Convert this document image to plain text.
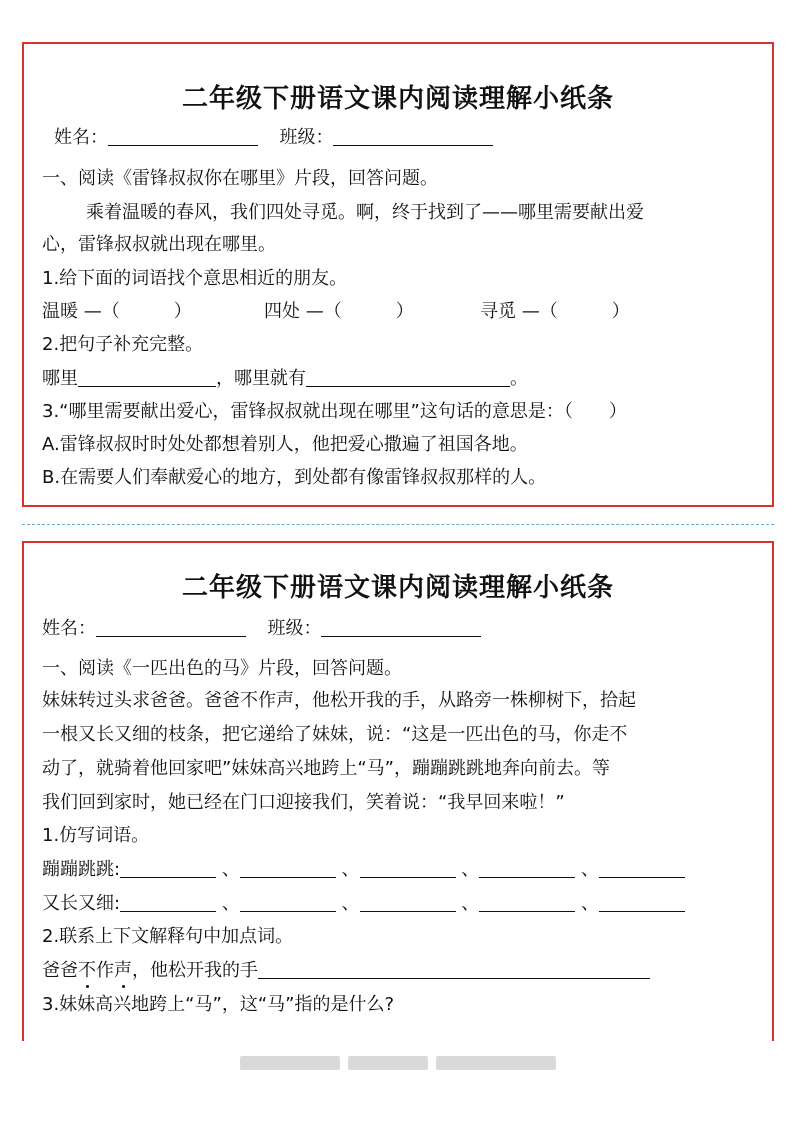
二年级下册语文课内阅读理解小纸条
姓名：	班级：
一、阅读《雷锋叔叔你在哪里》片段，回答问题。
乘着温暖的春风，我们四处寻觅。啊，终于找到了——哪里需要献出爱
心，雷锋叔叔就出现在哪里。
1.给下面的词语找个意思相近的朋友。
温暖 —（　　　）	四处 —（　　　）	寻觅 —（　　　）
2.把句子补充完整。
哪里	，哪里就有	。
3.“哪里需要献出爱心，雷锋叔叔就出现在哪里”这句话的意思是：（　　）
A.雷锋叔叔时时处处都想着别人，他把爱心撒遍了祖国各地。
B.在需要人们奉献爱心的地方，到处都有像雷锋叔叔那样的人。
二年级下册语文课内阅读理解小纸条
姓名：	班级：
一、阅读《一匹出色的马》片段，回答问题。
妹妹转过头求爸爸。爸爸不作声，他松开我的手，从路旁一株柳树下，拾起
一根又长又细的枝条，把它递给了妹妹，说：“这是一匹出色的马，你走不
动了，就骑着他回家吧”妹妹高兴地跨上“马”，蹦蹦跳跳地奔向前去。等
我们回到家时，她已经在门口迎接我们，笑着说：“我早回来啦！”
1.仿写词语。
蹦蹦跳跳:	、	、	、	、
又长又细:	、	、	、	、
2.联系上下文解释句中加点词。
爸爸不作声，他松开我的手
3.妹妹高兴地跨上“马”，这“马”指的是什么?
